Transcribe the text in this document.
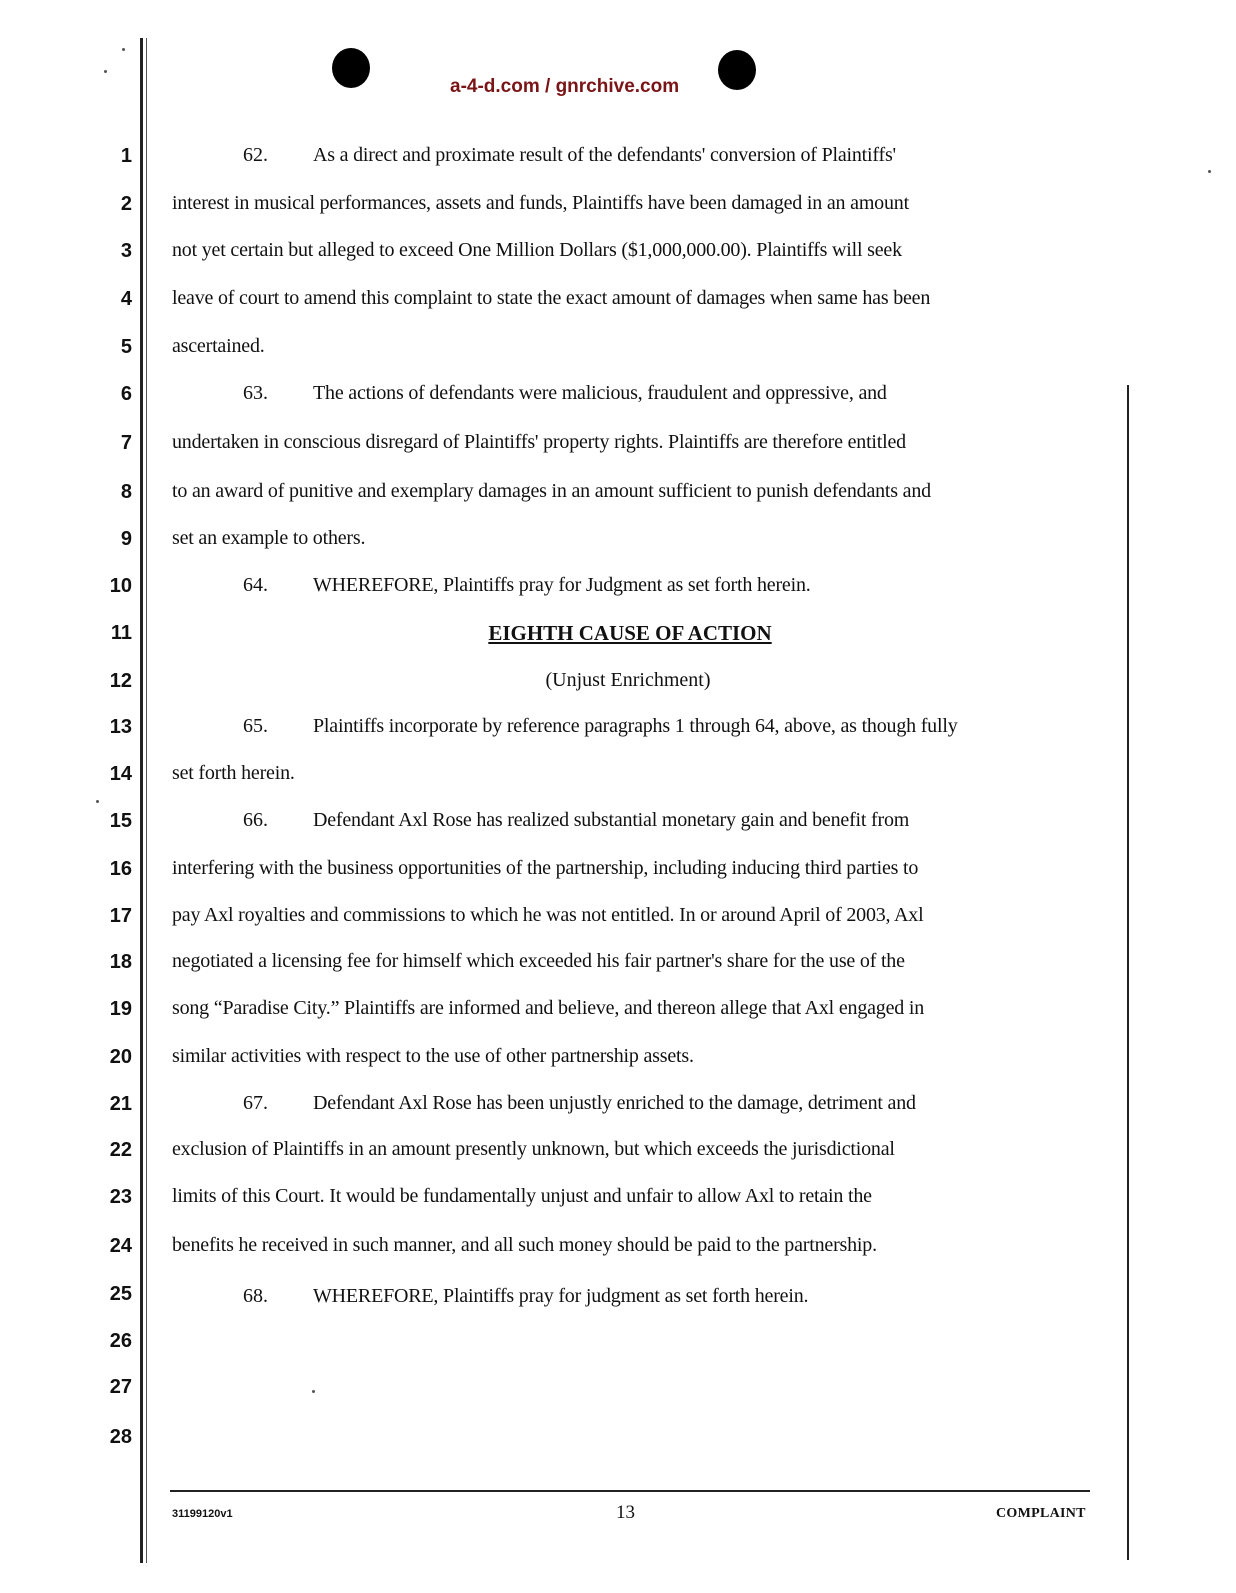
a-4-d.com / gnrchive.com
1
2
3
4
5
6
7
8
9
10
11
12
13
14
15
16
17
18
19
20
21
22
23
24
25
26
27
28
62. As a direct and proximate result of the defendants' conversion of Plaintiffs'
interest in musical performances, assets and funds, Plaintiffs have been damaged in an amount
not yet certain but alleged to exceed One Million Dollars ($1,000,000.00). Plaintiffs will seek
leave of court to amend this complaint to state the exact amount of damages when same has been
ascertained.
63. The actions of defendants were malicious, fraudulent and oppressive, and
undertaken in conscious disregard of Plaintiffs' property rights. Plaintiffs are therefore entitled
to an award of punitive and exemplary damages in an amount sufficient to punish defendants and
set an example to others.
64. WHEREFORE, Plaintiffs pray for Judgment as set forth herein.
EIGHTH CAUSE OF ACTION
(Unjust Enrichment)
65. Plaintiffs incorporate by reference paragraphs 1 through 64, above, as though fully
set forth herein.
66. Defendant Axl Rose has realized substantial monetary gain and benefit from
interfering with the business opportunities of the partnership, including inducing third parties to
pay Axl royalties and commissions to which he was not entitled. In or around April of 2003, Axl
negotiated a licensing fee for himself which exceeded his fair partner's share for the use of the
song “Paradise City.” Plaintiffs are informed and believe, and thereon allege that Axl engaged in
similar activities with respect to the use of other partnership assets.
67. Defendant Axl Rose has been unjustly enriched to the damage, detriment and
exclusion of Plaintiffs in an amount presently unknown, but which exceeds the jurisdictional
limits of this Court. It would be fundamentally unjust and unfair to allow Axl to retain the
benefits he received in such manner, and all such money should be paid to the partnership.
68. WHEREFORE, Plaintiffs pray for judgment as set forth herein.
31199120v1	13	COMPLAINT
